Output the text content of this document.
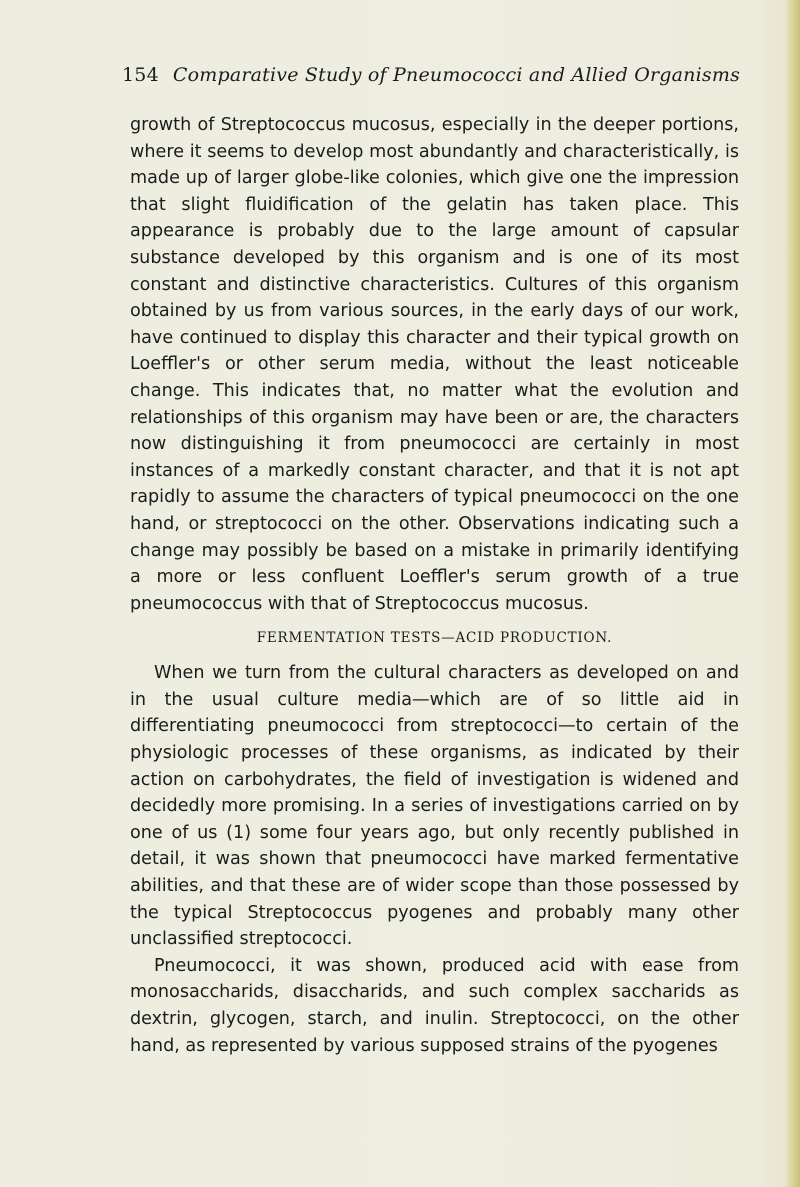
154 Comparative Study of Pneumococci and Allied Organisms

growth of Streptococcus mucosus, especially in the deeper portions, where it seems to develop most abundantly and characteristically, is made up of larger globe-like colonies, which give one the impression that slight fluidification of the gelatin has taken place. This appearance is probably due to the large amount of capsular substance developed by this organism and is one of its most constant and distinctive characteristics. Cultures of this organism obtained by us from various sources, in the early days of our work, have continued to display this character and their typical growth on Loeffler's or other serum media, without the least noticeable change. This indicates that, no matter what the evolution and relationships of this organism may have been or are, the characters now distinguishing it from pneumococci are certainly in most instances of a markedly constant character, and that it is not apt rapidly to assume the characters of typical pneumococci on the one hand, or streptococci on the other. Observations indicating such a change may possibly be based on a mistake in primarily identifying a more or less confluent Loeffler's serum growth of a true pneumococcus with that of Streptococcus mucosus.

FERMENTATION TESTS—ACID PRODUCTION.

When we turn from the cultural characters as developed on and in the usual culture media—which are of so little aid in differentiating pneumococci from streptococci—to certain of the physiologic processes of these organisms, as indicated by their action on carbohydrates, the field of investigation is widened and decidedly more promising. In a series of investigations carried on by one of us (1) some four years ago, but only recently published in detail, it was shown that pneumococci have marked fermentative abilities, and that these are of wider scope than those possessed by the typical Streptococcus pyogenes and probably many other unclassified streptococci.

Pneumococci, it was shown, produced acid with ease from monosaccharids, disaccharids, and such complex saccharids as dextrin, glycogen, starch, and inulin. Streptococci, on the other hand, as represented by various supposed strains of the pyogenes
